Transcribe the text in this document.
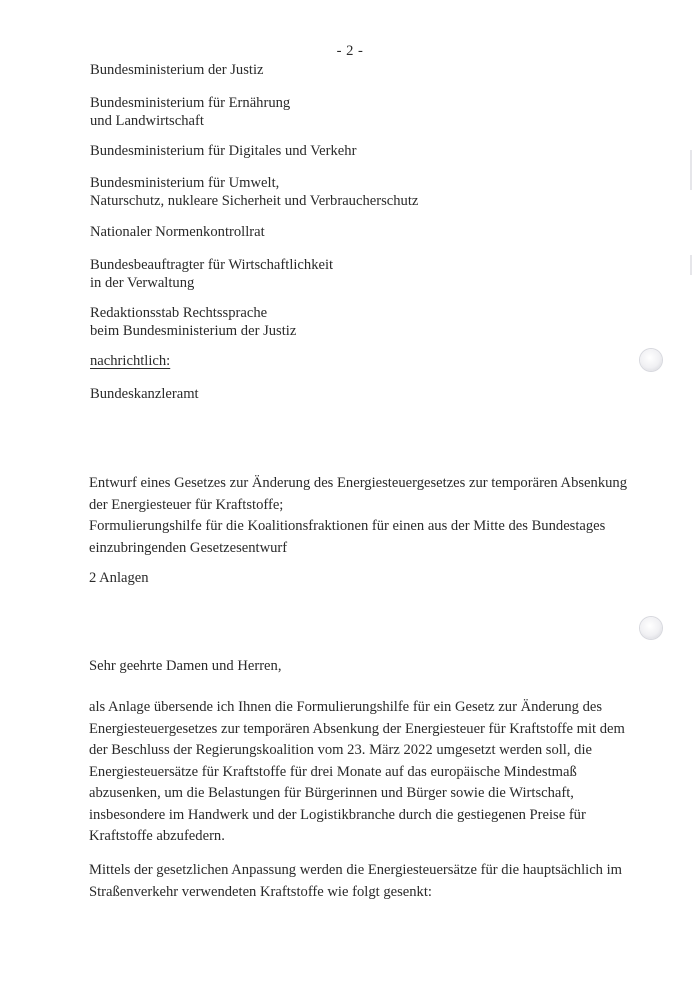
- 2 -
Bundesministerium der Justiz
Bundesministerium für Ernährung
und Landwirtschaft
Bundesministerium für Digitales und Verkehr
Bundesministerium für Umwelt,
Naturschutz, nukleare Sicherheit und Verbraucherschutz
Nationaler Normenkontrollrat
Bundesbeauftragter für Wirtschaftlichkeit
in der Verwaltung
Redaktionsstab Rechtssprache
beim Bundesministerium der Justiz
nachrichtlich:
Bundeskanzleramt
Entwurf eines Gesetzes zur Änderung des Energiesteuergesetzes zur temporären Absenkung
der Energiesteuer für Kraftstoffe;
Formulierungshilfe für die Koalitionsfraktionen für einen aus der Mitte des Bundestages
einzubringenden Gesetzesentwurf
2 Anlagen
Sehr geehrte Damen und Herren,
als Anlage übersende ich Ihnen die Formulierungshilfe für ein Gesetz zur Änderung des
Energiesteuergesetzes zur temporären Absenkung der Energiesteuer für Kraftstoffe mit dem
der Beschluss der Regierungskoalition vom 23. März 2022 umgesetzt werden soll, die
Energiesteuersätze für Kraftstoffe für drei Monate auf das europäische Mindestmaß
abzusenken, um die Belastungen für Bürgerinnen und Bürger sowie die Wirtschaft,
insbesondere im Handwerk und der Logistikbranche durch die gestiegenen Preise für
Kraftstoffe abzufedern.
Mittels der gesetzlichen Anpassung werden die Energiesteuersätze für die hauptsächlich im
Straßenverkehr verwendeten Kraftstoffe wie folgt gesenkt:
